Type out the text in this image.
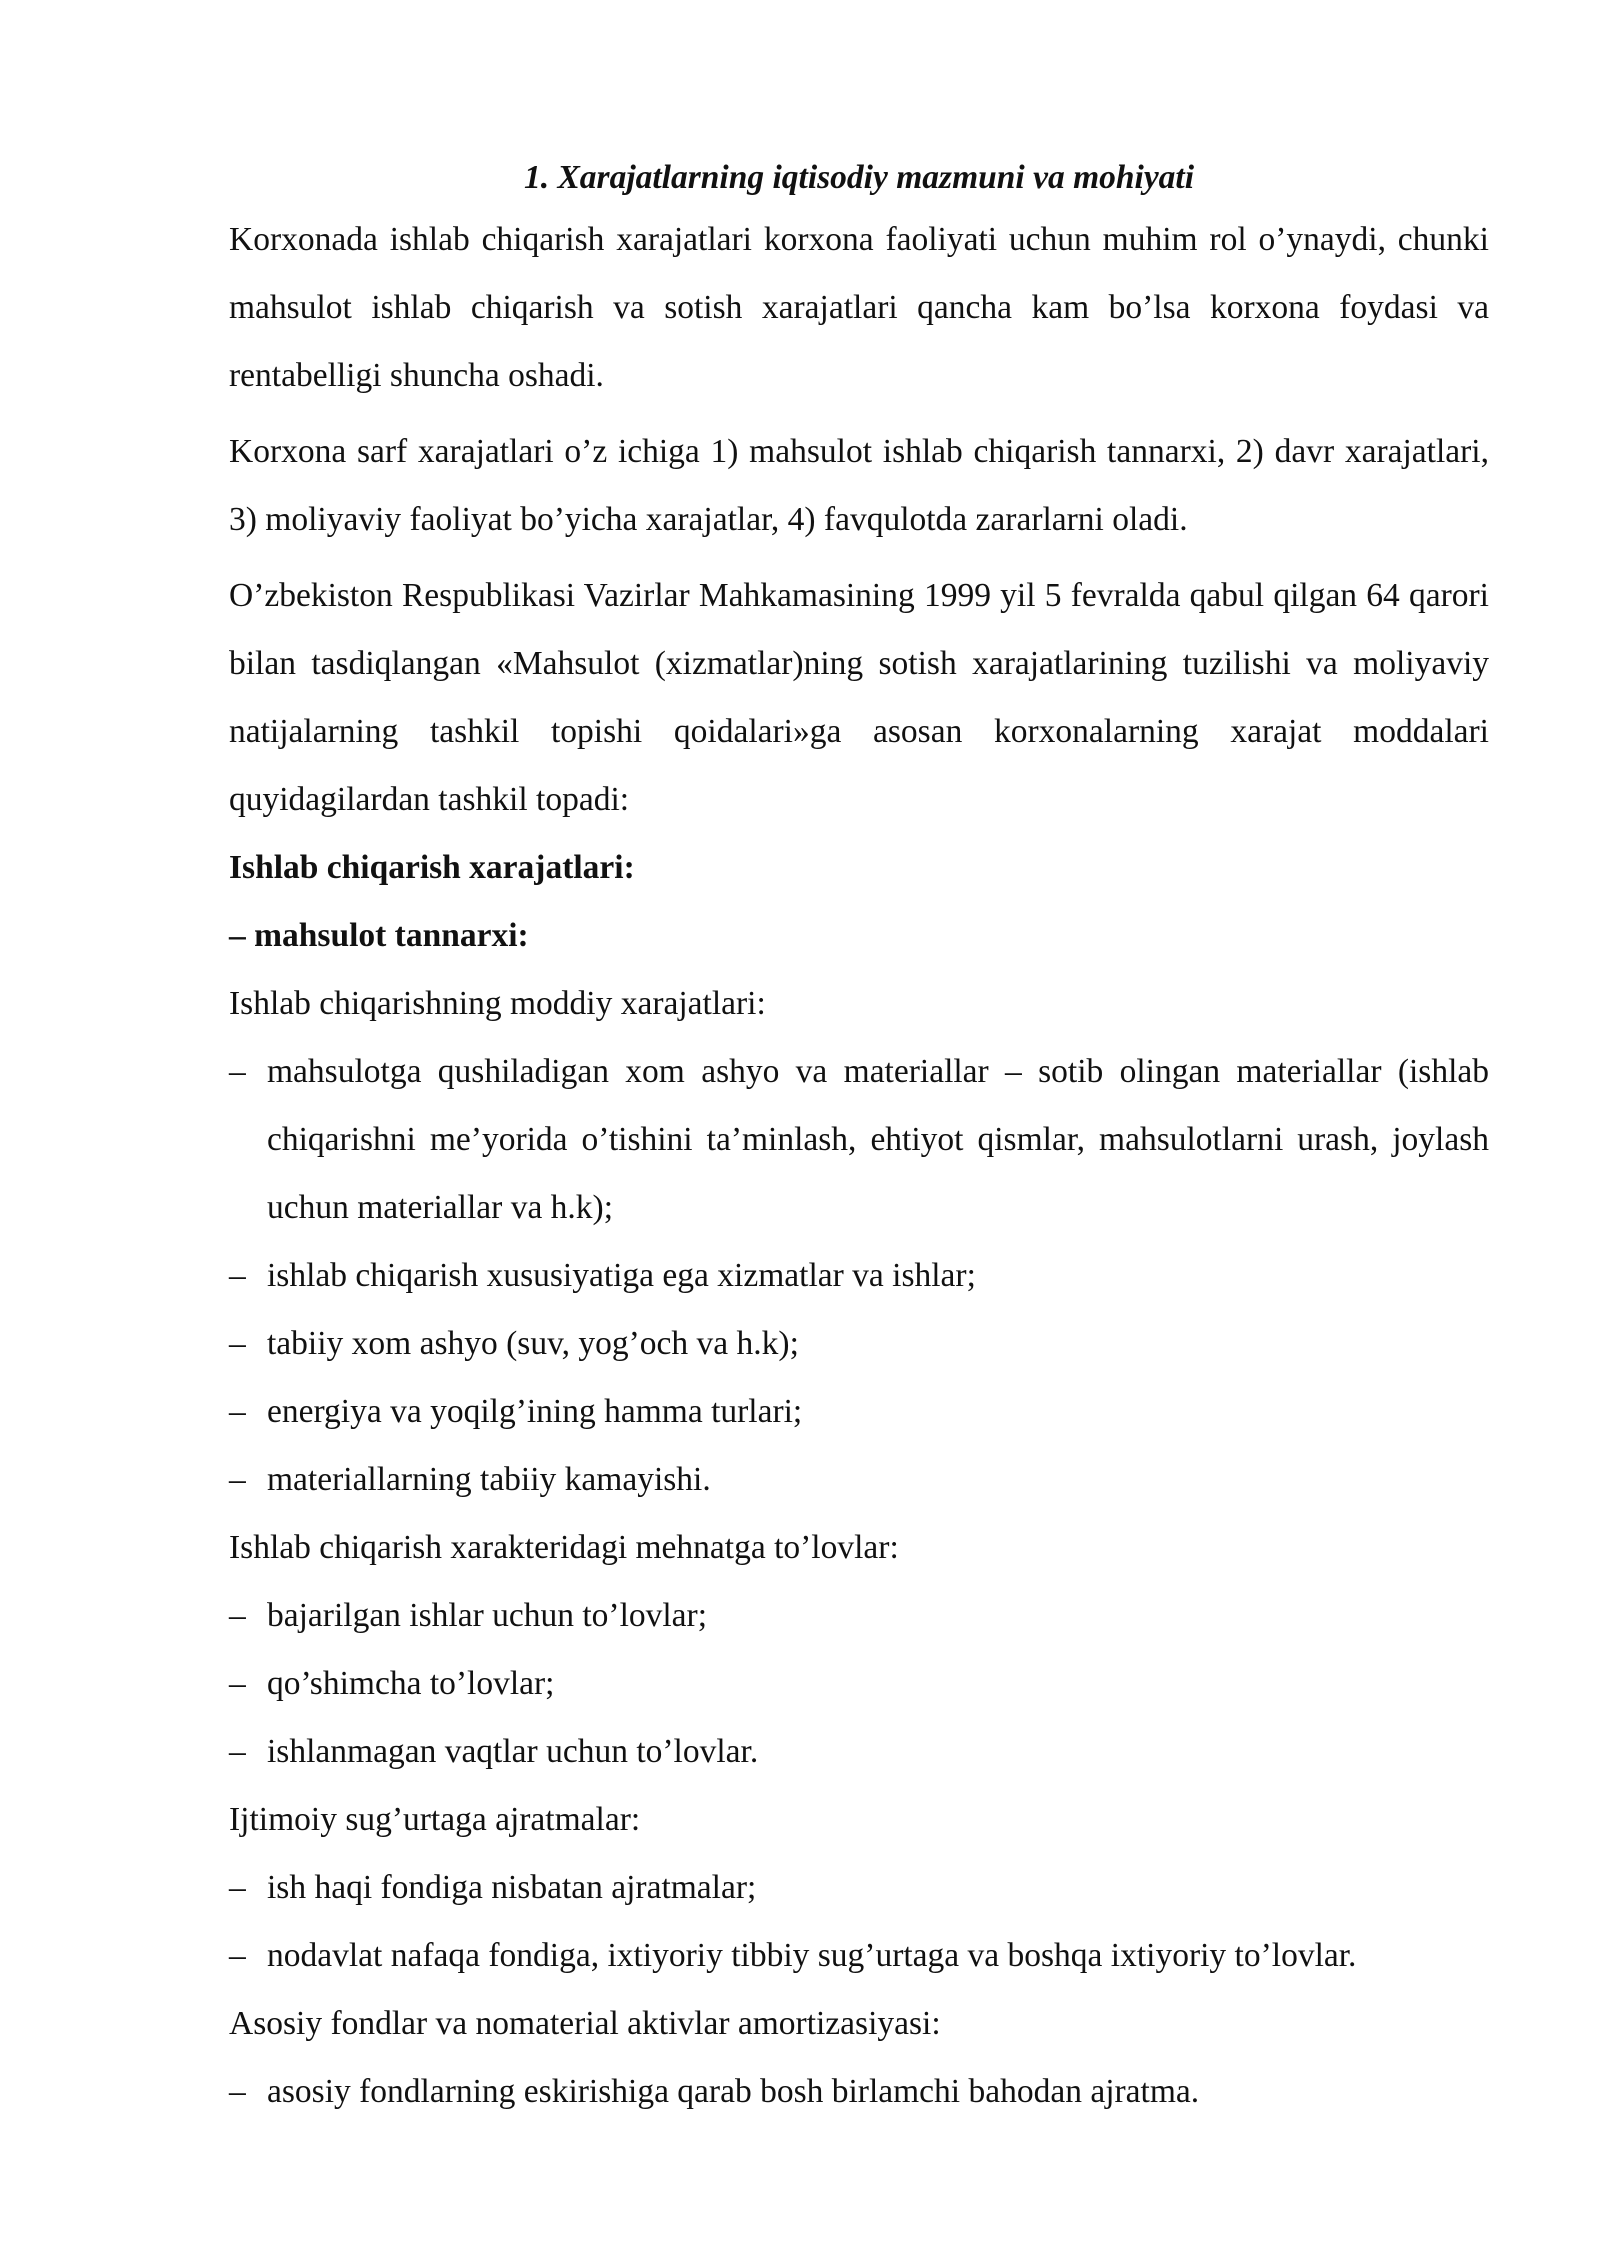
1. Xarajatlarning iqtisodiy mazmuni va mohiyati

Korxonada ishlab chiqarish xarajatlari korxona faoliyati uchun muhim rol o’ynaydi, chunki mahsulot ishlab chiqarish va sotish xarajatlari qancha kam bo’lsa korxona foydasi va rentabelligi shuncha oshadi.

Korxona sarf xarajatlari o’z ichiga 1) mahsulot ishlab chiqarish tannarxi, 2) davr xarajatlari, 3) moliyaviy faoliyat bo’yicha xarajatlar, 4) favqulotda zararlarni oladi.

O’zbekiston Respublikasi Vazirlar Mahkamasining 1999 yil 5 fevralda qabul qilgan 64 qarori bilan tasdiqlangan «Mahsulot (xizmatlar)ning sotish xarajatlarining tuzilishi va moliyaviy natijalarning tashkil topishi qoidalari»ga asosan korxonalarning xarajat moddalari quyidagilardan tashkil topadi:

Ishlab chiqarish xarajatlari:

– mahsulot tannarxi:

Ishlab chiqarishning moddiy xarajatlari:

– mahsulotga qushiladigan xom ashyo va materiallar – sotib olingan materiallar (ishlab chiqarishni me’yorida o’tishini ta’minlash, ehtiyot qismlar, mahsulotlarni urash, joylash uchun materiallar va h.k);
– ishlab chiqarish xususiyatiga ega xizmatlar va ishlar;
– tabiiy xom ashyo (suv, yog’och va h.k);
– energiya va yoqilg’ining hamma turlari;
– materiallarning tabiiy kamayishi.

Ishlab chiqarish xarakteridagi mehnatga to’lovlar:

– bajarilgan ishlar uchun to’lovlar;
– qo’shimcha to’lovlar;
– ishlanmagan vaqtlar uchun to’lovlar.

Ijtimoiy sug’urtaga ajratmalar:

– ish haqi fondiga nisbatan ajratmalar;
– nodavlat nafaqa fondiga, ixtiyoriy tibbiy sug’urtaga va boshqa ixtiyoriy to’lovlar.

Asosiy fondlar va nomaterial aktivlar amortizasiyasi:

– asosiy fondlarning eskirishiga qarab bosh birlamchi bahodan ajratma.
